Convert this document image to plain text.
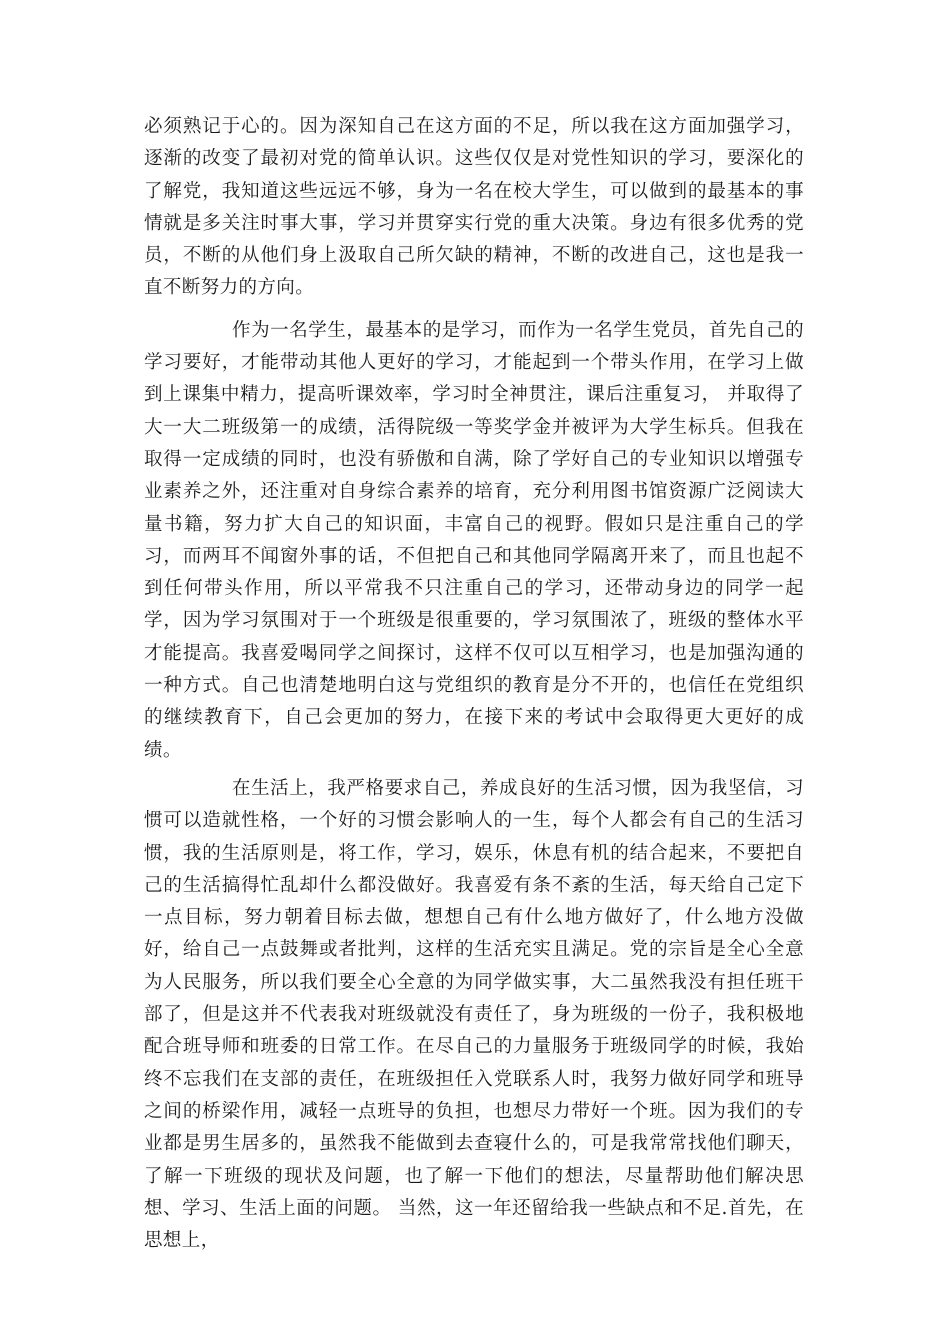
必须熟记于心的。因为深知自己在这方面的不足，所以我在这方面加强学习，逐渐的改变了最初对党的简单认识。这些仅仅是对党性知识的学习，要深化的了解党，我知道这些远远不够，身为一名在校大学生，可以做到的最基本的事情就是多关注时事大事，学习并贯穿实行党的重大决策。身边有很多优秀的党员，不断的从他们身上汲取自己所欠缺的精神，不断的改进自己，这也是我一直不断努力的方向。

作为一名学生，最基本的是学习，而作为一名学生党员，首先自己的学习要好，才能带动其他人更好的学习，才能起到一个带头作用，在学习上做到上课集中精力，提高听课效率，学习时全神贯注，课后注重复习， 并取得了大一大二班级第一的成绩，活得院级一等奖学金并被评为大学生标兵。但我在取得一定成绩的同时，也没有骄傲和自满，除了学好自己的专业知识以增强专业素养之外，还注重对自身综合素养的培育，充分利用图书馆资源广泛阅读大量书籍，努力扩大自己的知识面，丰富自己的视野。假如只是注重自己的学习，而两耳不闻窗外事的话，不但把自己和其他同学隔离开来了，而且也起不到任何带头作用，所以平常我不只注重自己的学习，还带动身边的同学一起学，因为学习氛围对于一个班级是很重要的，学习氛围浓了，班级的整体水平才能提高。我喜爱喝同学之间探讨，这样不仅可以互相学习，也是加强沟通的一种方式。自己也清楚地明白这与党组织的教育是分不开的，也信任在党组织的继续教育下，自己会更加的努力，在接下来的考试中会取得更大更好的成绩。

在生活上，我严格要求自己，养成良好的生活习惯，因为我坚信，习惯可以造就性格，一个好的习惯会影响人的一生，每个人都会有自己的生活习惯，我的生活原则是，将工作，学习，娱乐，休息有机的结合起来，不要把自己的生活搞得忙乱却什么都没做好。我喜爱有条不紊的生活，每天给自己定下一点目标，努力朝着目标去做，想想自己有什么地方做好了，什么地方没做好，给自己一点鼓舞或者批判，这样的生活充实且满足。党的宗旨是全心全意为人民服务，所以我们要全心全意的为同学做实事，大二虽然我没有担任班干部了，但是这并不代表我对班级就没有责任了，身为班级的一份子，我积极地配合班导师和班委的日常工作。在尽自己的力量服务于班级同学的时候，我始终不忘我们在支部的责任，在班级担任入党联系人时，我努力做好同学和班导之间的桥梁作用，减轻一点班导的负担，也想尽力带好一个班。因为我们的专业都是男生居多的，虽然我不能做到去查寝什么的，可是我常常找他们聊天，了解一下班级的现状及问题，也了解一下他们的想法，尽量帮助他们解决思想、学习、生活上面的问题。 当然，这一年还留给我一些缺点和不足.首先，在思想上，
